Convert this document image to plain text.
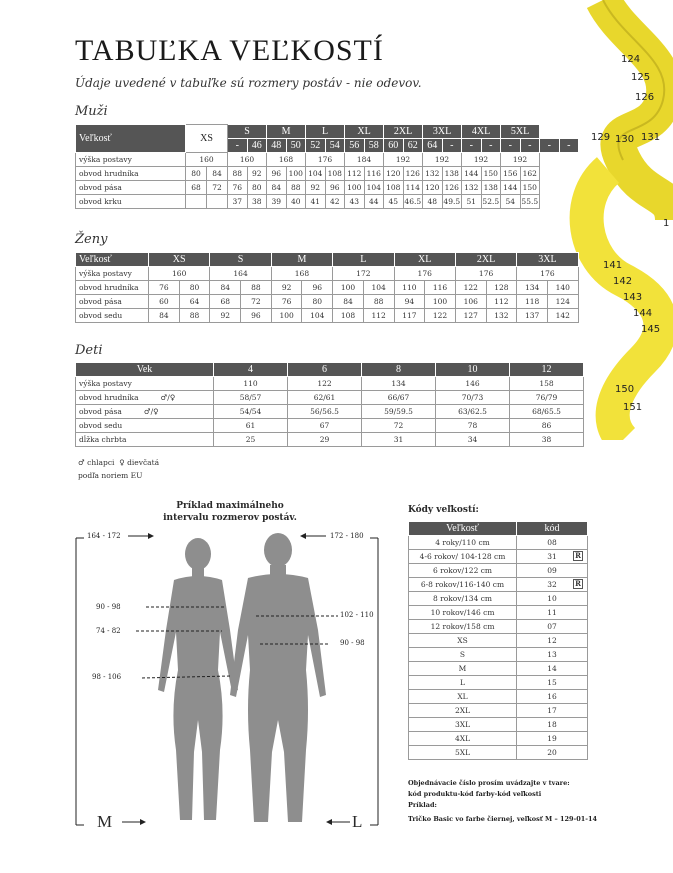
124
125
126
129 130 131
141
142
143
144
145
150
151
1
TABUĽKA VEĽKOSTÍ
Údaje uvedené v tabuľke sú rozmery postáv - nie odevov.
Muži
Veľkosť	XS		S		M		L		XL		2XL		3XL		4XL		5XL			
			-	46	48	50	52	54	56	58	60	62	64	-	-	-	-	-	-	-
výška postavy	160		160		168		176		184		192		192		192		192			
obvod hrudníka	80	84	88	92	96	100	104	108	112	116	120	126	132	138	144	150	156	162		
obvod pása	68	72	76	80	84	88	92	96	100	104	108	114	120	126	132	138	144	150		
obvod krku			37	38	39	40	41	42	43	44	45	46.5	48	49.5	51	52.5	54	55.5		
Ženy
Veľkosť	XS		S		M		L		XL		2XL		3XL	
výška postavy	160		164		168		172		176		176		176	
obvod hrudníka	76	80	84	88	92	96	100	104	110	116	122	128	134	140
obvod pása	60	64	68	72	76	80	84	88	94	100	106	112	118	124
obvod sedu	84	88	92	96	100	104	108	112	117	122	127	132	137	142
Deti
Vek	4	6	8	10	12
výška postavy	110	122	134	146	158
obvod hrudníka ♂/♀	58/57	62/61	66/67	70/73	76/79
obvod pása ♂/♀	54/54	56/56.5	59/59.5	63/62.5	68/65.5
obvod sedu	61	67	72	78	86
dĺžka chrbta	25	29	31	34	38
♂ chlapci ♀ dievčatá
podľa noriem EU
Príklad maximálneho intervalu rozmerov postáv.
164 - 172	172 - 180
90 - 98
74 - 82
98 - 106
102 - 110
90 - 98
M	L
Kódy veľkostí:
Veľkosť	kód
4 roky/110 cm	08
4-6 rokov/ 104-128 cm	31 R

6 rokov/122 cm	09
6-8 rokov/116-140 cm	32 R

8 rokov/134 cm	10
10 rokov/146 cm	11
12 rokov/158 cm	07
XS	12
S	13
M	14
L	15
XL	16
2XL	17
3XL	18
4XL	19
5XL	20
Objednávacie číslo prosím uvádzajte v tvare:
kód produktu-kód farby-kód veľkosti
Príklad:
Tričko Basic vo farbe čiernej, veľkosť M – 129-01-14
